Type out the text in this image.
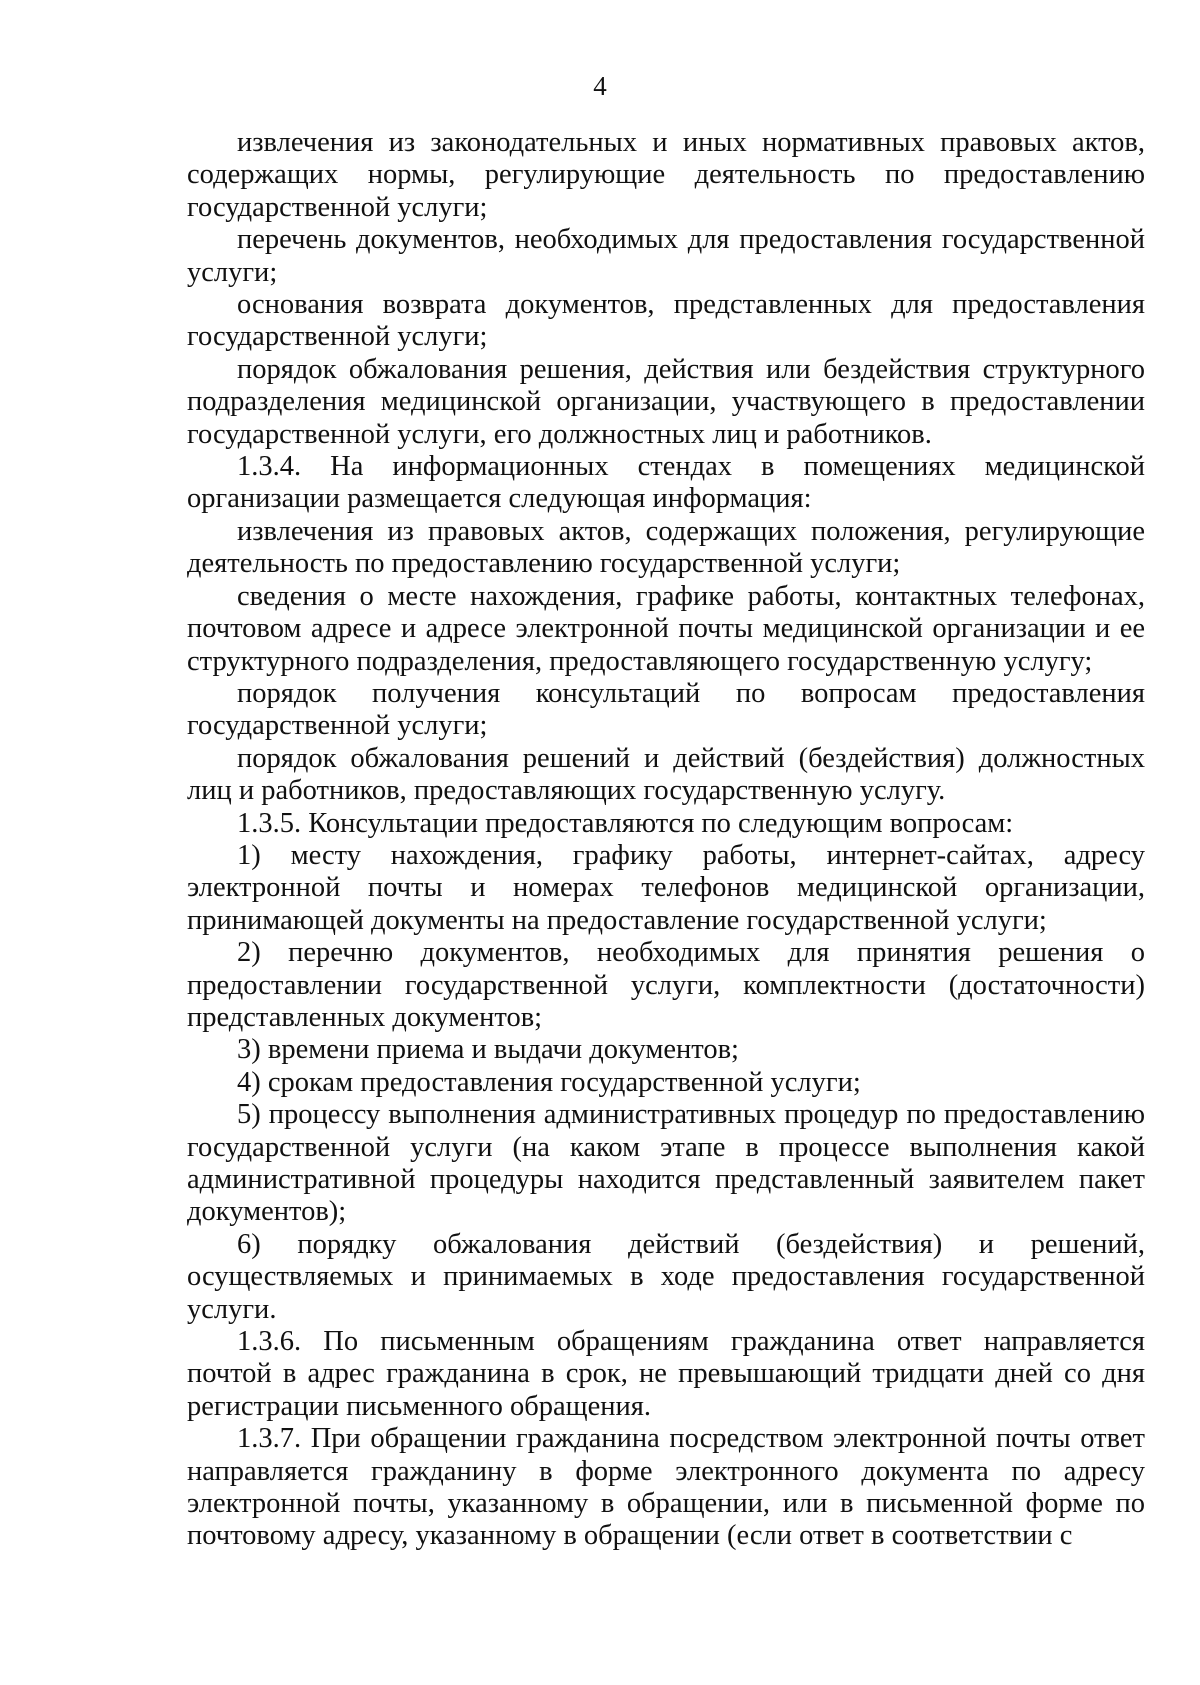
4

извлечения из законодательных и иных нормативных правовых актов, содержащих нормы, регулирующие деятельность по предоставлению государственной услуги;

перечень документов, необходимых для предоставления государственной услуги;

основания возврата документов, представленных для предоставления государственной услуги;

порядок обжалования решения, действия или бездействия структурного подразделения медицинской организации, участвующего в предоставлении государственной услуги, его должностных лиц и работников.

1.3.4. На информационных стендах в помещениях медицинской организации размещается следующая информация:

извлечения из правовых актов, содержащих положения, регулирующие деятельность по предоставлению государственной услуги;

сведения о месте нахождения, графике работы, контактных телефонах, почтовом адресе и адресе электронной почты медицинской организации и ее структурного подразделения, предоставляющего государственную услугу;

порядок получения консультаций по вопросам предоставления государственной услуги;

порядок обжалования решений и действий (бездействия) должностных лиц и работников, предоставляющих государственную услугу.

1.3.5. Консультации предоставляются по следующим вопросам:

1) месту нахождения, графику работы, интернет-сайтах, адресу электронной почты и номерах телефонов медицинской организации, принимающей документы на предоставление государственной услуги;

2) перечню документов, необходимых для принятия решения о предоставлении государственной услуги, комплектности (достаточности) представленных документов;

3) времени приема и выдачи документов;

4) срокам предоставления государственной услуги;

5) процессу выполнения административных процедур по предоставлению государственной услуги (на каком этапе в процессе выполнения какой административной процедуры находится представленный заявителем пакет документов);

6) порядку обжалования действий (бездействия) и решений, осуществляемых и принимаемых в ходе предоставления государственной услуги.

1.3.6. По письменным обращениям гражданина ответ направляется почтой в адрес гражданина в срок, не превышающий тридцати дней со дня регистрации письменного обращения.

1.3.7. При обращении гражданина посредством электронной почты ответ направляется гражданину в форме электронного документа по адресу электронной почты, указанному в обращении, или в письменной форме по почтовому адресу, указанному в обращении (если ответ в соответствии с
